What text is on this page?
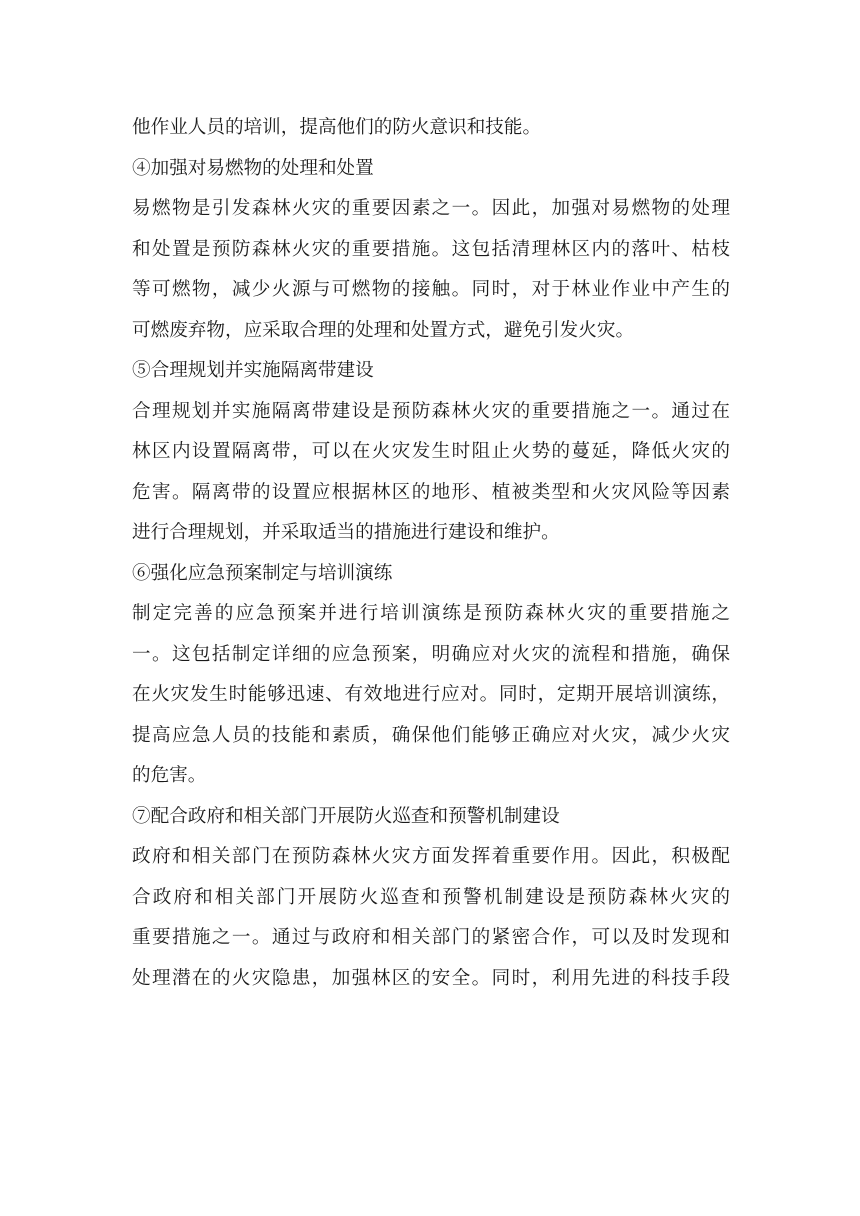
他作业人员的培训，提高他们的防火意识和技能。
④加强对易燃物的处理和处置
易燃物是引发森林火灾的重要因素之一。因此，加强对易燃物的处理
和处置是预防森林火灾的重要措施。这包括清理林区内的落叶、枯枝
等可燃物，减少火源与可燃物的接触。同时，对于林业作业中产生的
可燃废弃物，应采取合理的处理和处置方式，避免引发火灾。
⑤合理规划并实施隔离带建设
合理规划并实施隔离带建设是预防森林火灾的重要措施之一。通过在
林区内设置隔离带，可以在火灾发生时阻止火势的蔓延，降低火灾的
危害。隔离带的设置应根据林区的地形、植被类型和火灾风险等因素
进行合理规划，并采取适当的措施进行建设和维护。
⑥强化应急预案制定与培训演练
制定完善的应急预案并进行培训演练是预防森林火灾的重要措施之
一。这包括制定详细的应急预案，明确应对火灾的流程和措施，确保
在火灾发生时能够迅速、有效地进行应对。同时，定期开展培训演练，
提高应急人员的技能和素质，确保他们能够正确应对火灾，减少火灾
的危害。
⑦配合政府和相关部门开展防火巡查和预警机制建设
政府和相关部门在预防森林火灾方面发挥着重要作用。因此，积极配
合政府和相关部门开展防火巡查和预警机制建设是预防森林火灾的
重要措施之一。通过与政府和相关部门的紧密合作，可以及时发现和
处理潜在的火灾隐患，加强林区的安全。同时，利用先进的科技手段
